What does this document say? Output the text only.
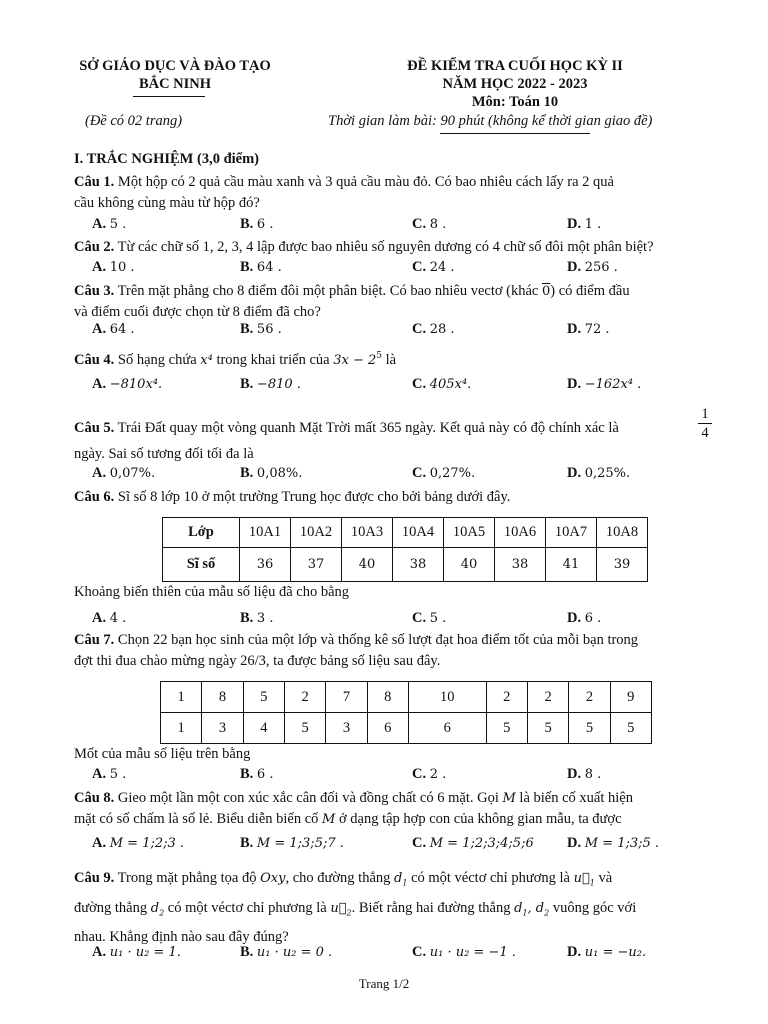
SỞ GIÁO DỤC VÀ ĐÀO TẠO
BẮC NINH
(Đề có 02 trang)
ĐỀ KIỂM TRA CUỐI HỌC KỲ II
NĂM HỌC 2022 - 2023
Môn: Toán 10
Thời gian làm bài: 90 phút (không kể thời gian giao đề)
I. TRẮC NGHIỆM (3,0 điểm)
Câu 1. Một hộp có 2 quả cầu màu xanh và 3 quả cầu màu đỏ. Có bao nhiêu cách lấy ra 2 quả
cầu không cùng màu từ hộp đó?
A. 5 .	B. 6 .	C. 8 .	D. 1 .
Câu 2. Từ các chữ số 1, 2, 3, 4 lập được bao nhiêu số nguyên dương có 4 chữ số đôi một phân biệt?
A. 10 .	B. 64 .	C. 24 .	D. 256 .
Câu 3. Trên mặt phẳng cho 8 điểm đôi một phân biệt. Có bao nhiêu vectơ (khác 0) có điểm đầu
và điểm cuối được chọn từ 8 điểm đã cho?
A. 64 .	B. 56 .	C. 28 .	D. 72 .
Câu 4. Số hạng chứa x⁴ trong khai triển của $3x - 2^5$ là
A. −810x⁴.	B. −810 .	C. 405x⁴.	D. −162x⁴ .
Câu 5. Trái Đất quay một vòng quanh Mặt Trời mất 365 ngày. Kết quả này có độ chính xác là	$\frac{1}{4}$
ngày. Sai số tương đối tối đa là
A. 0,07%.	B. 0,08%.	C. 0,27%.	D. 0,25%.
Câu 6. Sĩ số 8 lớp 10 ở một trường Trung học được cho bởi bảng dưới đây.
Lớp	10A1	10A2	10A3	10A4	10A5	10A6	10A7	10A8
Sĩ số	36	37	40	38	40	38	41	39
Khoảng biến thiên của mẫu số liệu đã cho bằng
A. 4 .	B. 3 .	C. 5 .	D. 6 .
Câu 7. Chọn 22 bạn học sinh của một lớp và thống kê số lượt đạt hoa điểm tốt của mỗi bạn trong
đợt thi đua chào mừng ngày 26/3, ta được bảng số liệu sau đây.
1	8	5	2	7	8	10	2	2	2	9
1	3	4	5	3	6	6	5	5	5	5
Mốt của mẫu số liệu trên bằng
A. 5 .	B. 6 .	C. 2 .	D. 8 .
Câu 8. Gieo một lần một con xúc xắc cân đối và đồng chất có 6 mặt. Gọi M là biến cố xuất hiện
mặt có số chấm là số lẻ. Biểu diễn biến cố M ở dạng tập hợp con của không gian mẫu, ta được
A. M = 1;2;3 .	B. M = 1;3;5;7 .	C. M = 1;2;3;4;5;6 D. M = 1;3;5 .
Câu 9. Trong mặt phẳng tọa độ Oxy, cho đường thẳng $d_1$ có một véctơ chỉ phương là $u⃗_1$ và
đường thẳng $d_2$ có một véctơ chỉ phương là $u⃗_2$. Biết rằng hai đường thẳng $d_1$, $d_2$ vuông góc với
nhau. Khẳng định nào sau đây đúng?
A. u₁ · u₂ = 1.	B. u₁ · u₂ = 0 .	C. u₁ · u₂ = −1 .	D. u₁ = −u₂.
Trang 1/2
